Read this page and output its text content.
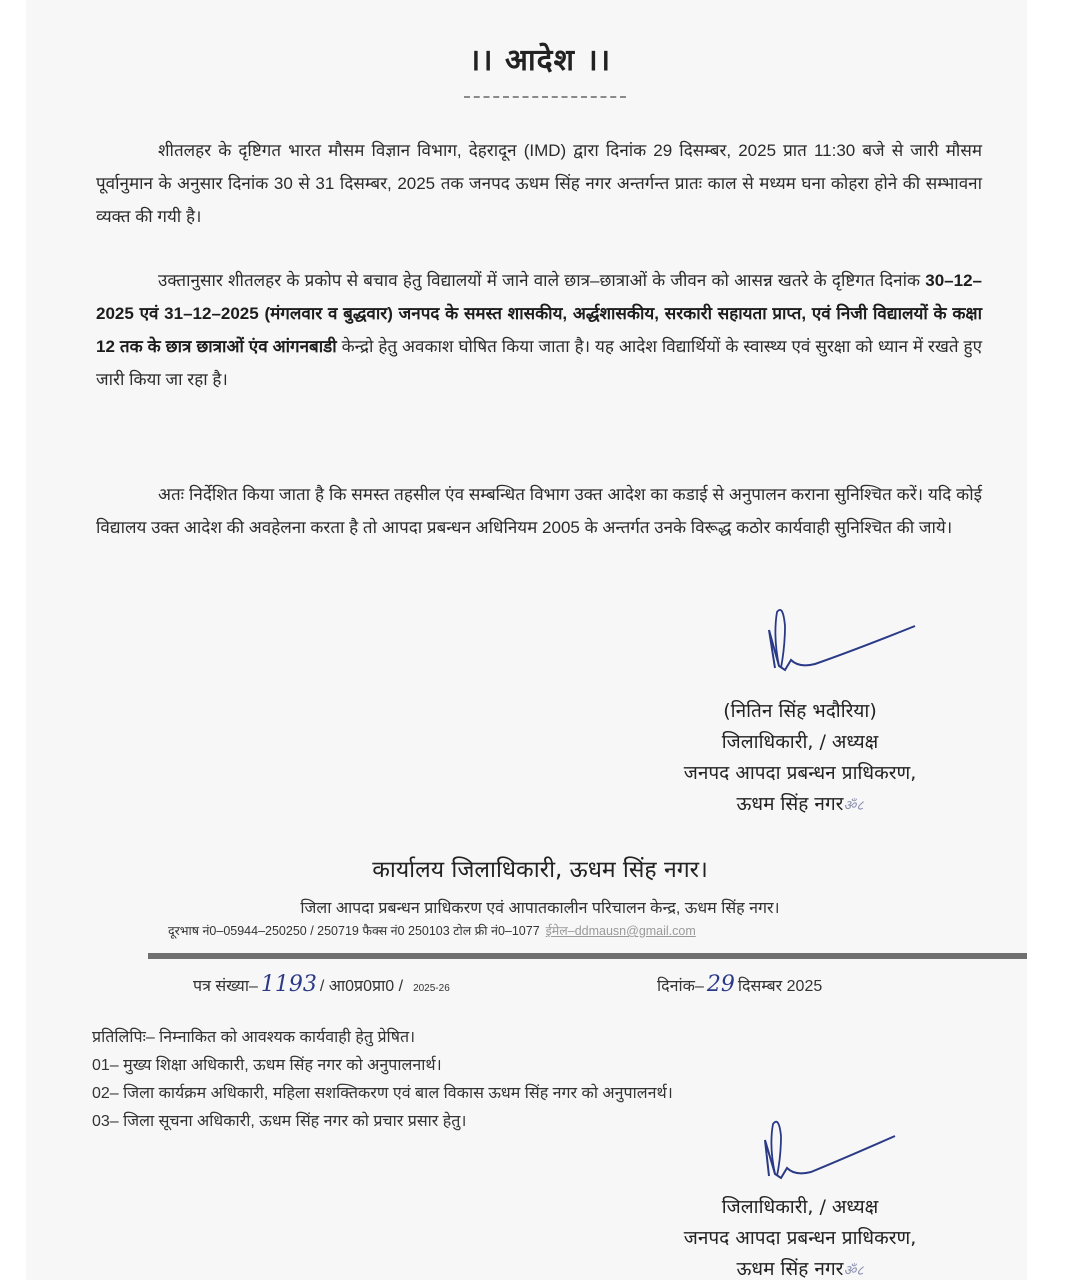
।। आदेश ।।
शीतलहर के दृष्टिगत भारत मौसम विज्ञान विभाग, देहरादून (IMD) द्वारा दिनांक 29 दिसम्बर, 2025 प्रात 11:30 बजे से जारी मौसम पूर्वानुमान के अनुसार दिनांक 30 से 31 दिसम्बर, 2025 तक जनपद ऊधम सिंह नगर अन्तर्गन्त प्रातः काल से मध्यम घना कोहरा होने की सम्भावना व्यक्त की गयी है।
उक्तानुसार शीतलहर के प्रकोप से बचाव हेतु विद्यालयों में जाने वाले छात्र–छात्राओं के जीवन को आसन्न खतरे के दृष्टिगत दिनांक 30–12–2025 एवं 31–12–2025 (मंगलवार व बुद्धवार) जनपद के समस्त शासकीय, अर्द्धशासकीय, सरकारी सहायता प्राप्त, एवं निजी विद्यालयों के कक्षा 12 तक के छात्र छात्राओं एंव आंगनबाडी केन्द्रो हेतु अवकाश घोषित किया जाता है। यह आदेश विद्यार्थियों के स्वास्थ्य एवं सुरक्षा को ध्यान में रखते हुए जारी किया जा रहा है।
अतः निर्देशित किया जाता है कि समस्त तहसील एंव सम्बन्धित विभाग उक्त आदेश का कडाई से अनुपालन कराना सुनिश्चित करें। यदि कोई विद्यालय उक्त आदेश की अवहेलना करता है तो आपदा प्रबन्धन अधिनियम 2005 के अन्तर्गत उनके विरूद्ध कठोर कार्यवाही सुनिश्चित की जाये।
(नितिन सिंह भदौरिया)
जिलाधिकारी, / अध्यक्ष
जनपद आपदा प्रबन्धन प्राधिकरण,
ऊधम सिंह नगरॐ८
कार्यालय जिलाधिकारी, ऊधम सिंह नगर।
जिला आपदा प्रबन्धन प्राधिकरण एवं आपातकालीन परिचालन केन्द्र, ऊधम सिंह नगर।
दूरभाष नं0–05944–250250 / 250719 फैक्स नं0 250103 टोल फ्री नं0–1077 ईमेल–ddmausn@gmail.com
पत्र संख्या– 1193 / आ0प्र0प्रा0 / 2025-26	दिनांक– 29 दिसम्बर 2025
प्रतिलिपिः– निम्नाकित को आवश्यक कार्यवाही हेतु प्रेषित।
01– मुख्य शिक्षा अधिकारी, ऊधम सिंह नगर को अनुपालनार्थ।
02– जिला कार्यक्रम अधिकारी, महिला सशक्तिकरण एवं बाल विकास ऊधम सिंह नगर को अनुपालनर्थ।
03– जिला सूचना अधिकारी, ऊधम सिंह नगर को प्रचार प्रसार हेतु।
जिलाधिकारी, / अध्यक्ष
जनपद आपदा प्रबन्धन प्राधिकरण,
ऊधम सिंह नगरॐ८
